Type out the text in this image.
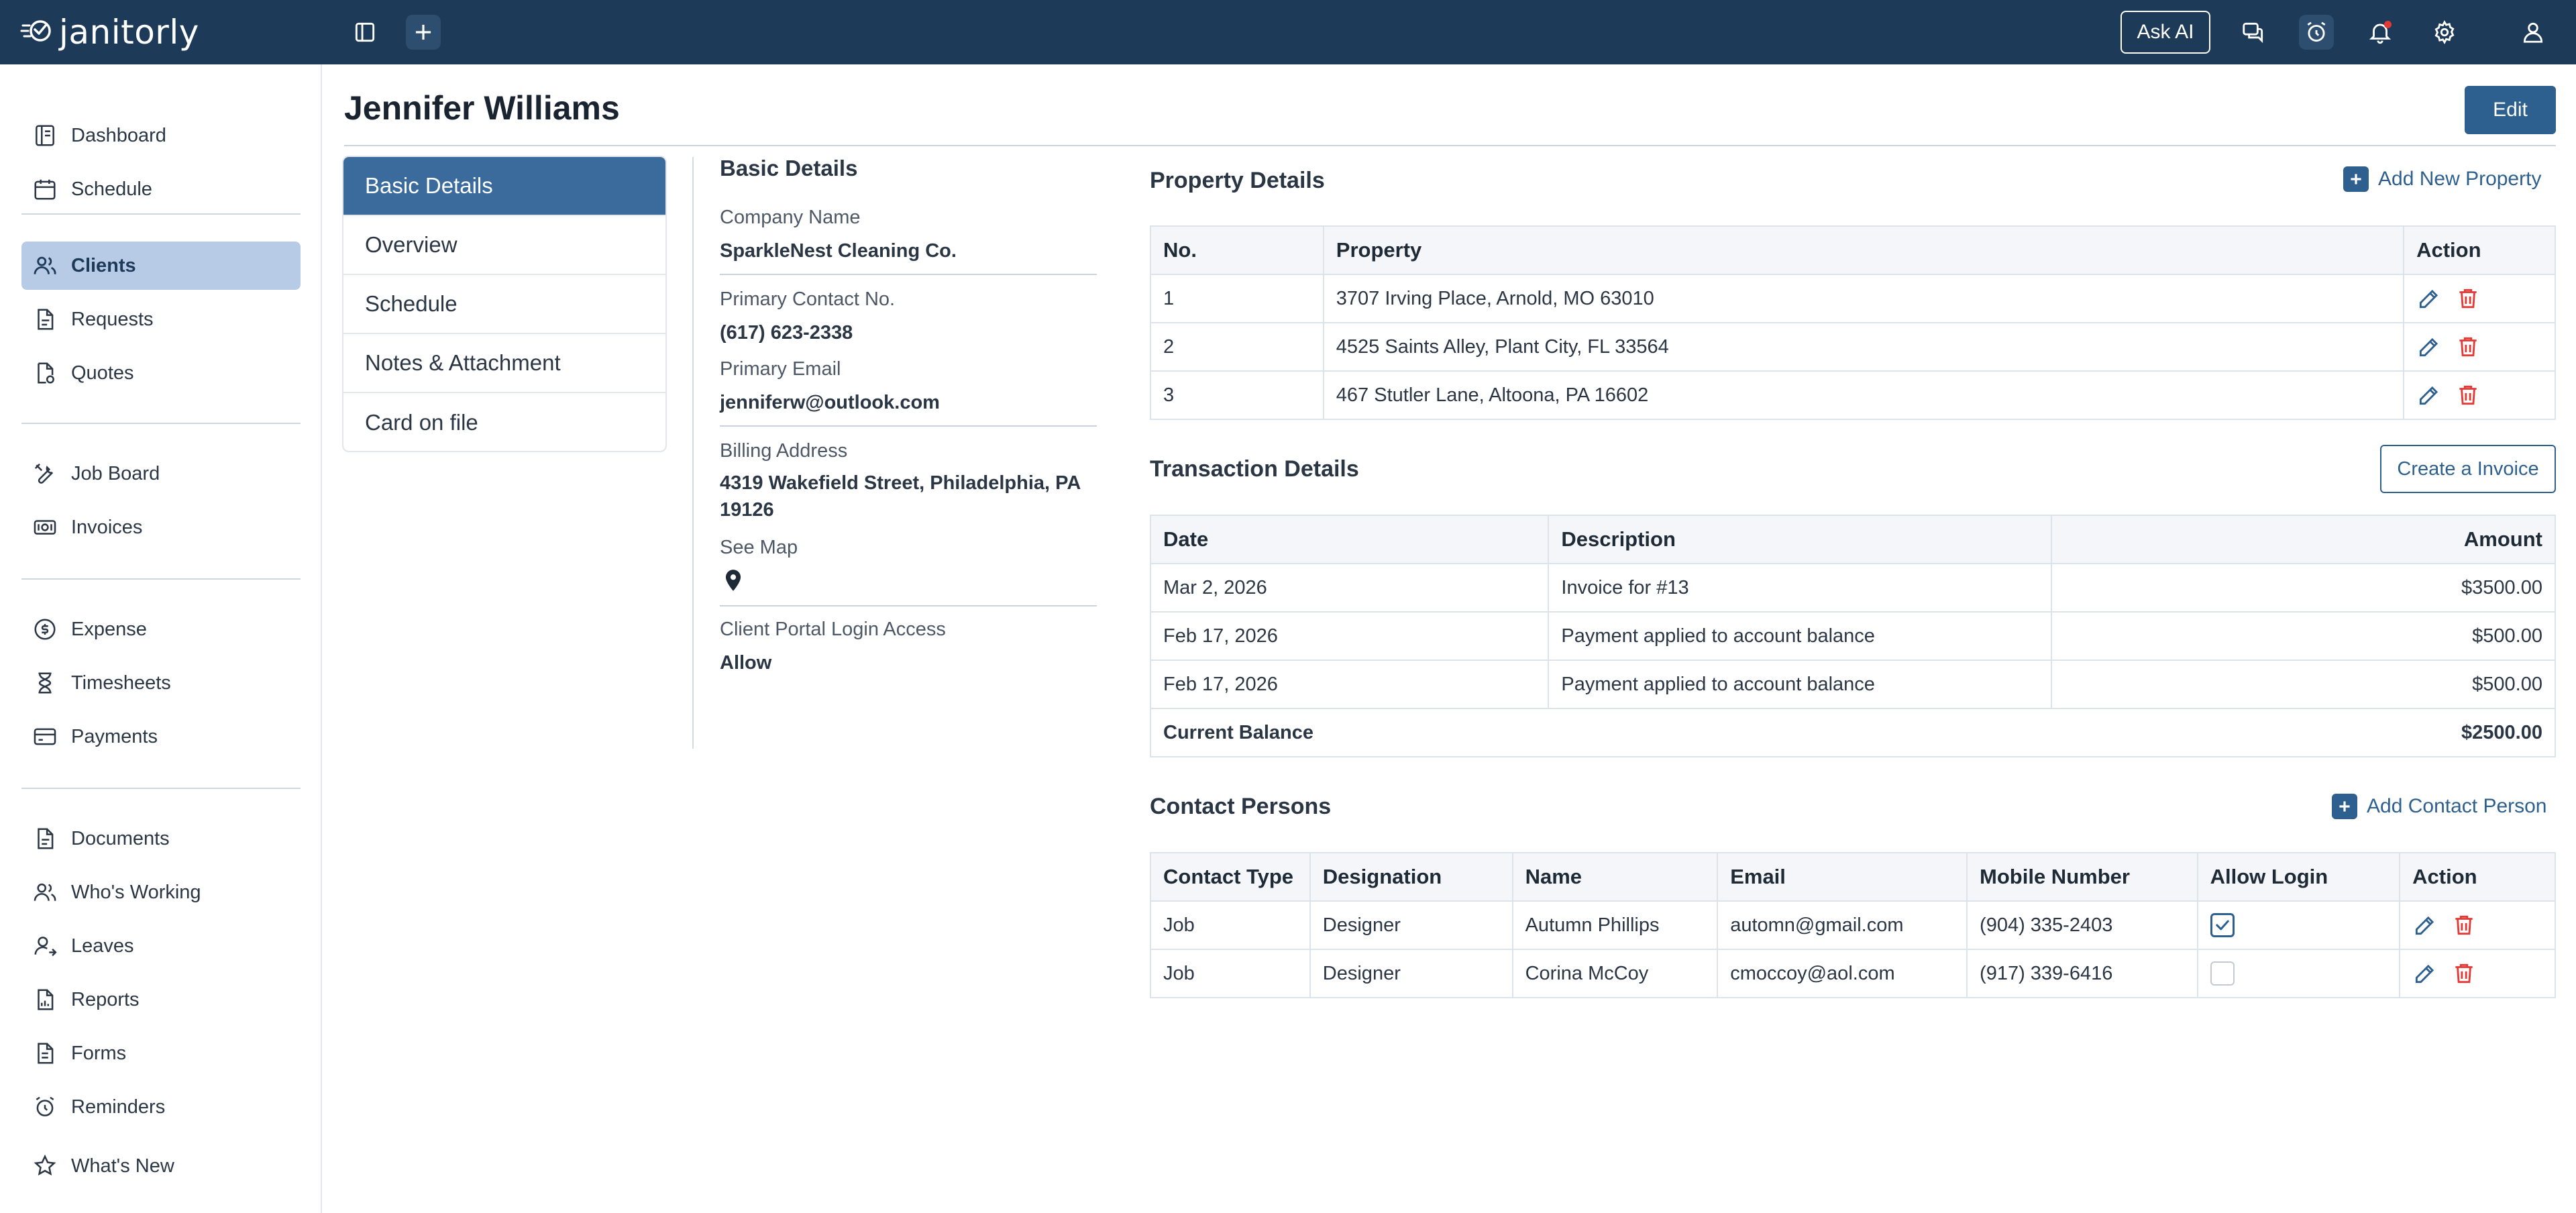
janitorly	Ask AI
Dashboard
Schedule
Clients
Requests
Quotes
Job Board
Invoices
Expense
Timesheets
Payments
Documents
Who's Working
Leaves
Reports
Forms
Reminders
What's New
Jennifer Williams	Edit
Basic Details
Overview
Schedule
Notes & Attachment
Card on file
Basic Details
Company Name
SparkleNest Cleaning Co.
Primary Contact No.
(617) 623-2338
Primary Email
jenniferw@outlook.com
Billing Address
4319 Wakefield Street, Philadelphia, PA 19126
See Map
Client Portal Login Access
Allow
Property Details	Add New Property
No.	Property	Action
1	3707 Irving Place, Arnold, MO 63010	

2	4525 Saints Alley, Plant City, FL 33564	

3	467 Stutler Lane, Altoona, PA 16602	
Transaction Details	Create a Invoice
Date	Description	Amount
Mar 2, 2026	Invoice for #13	$3500.00
Feb 17, 2026	Payment applied to account balance	$500.00
Feb 17, 2026	Payment applied to account balance	$500.00
Current Balance		$2500.00
Contact Persons	Add Contact Person
Contact Type	Designation	Name	Email	Mobile Number	Allow Login	Action
Job	Designer	Autumn Phillips	automn@gmail.com	(904) 335-2403	

Job	Designer	Corina McCoy	cmoccoy@aol.com	(917) 339-6416	
